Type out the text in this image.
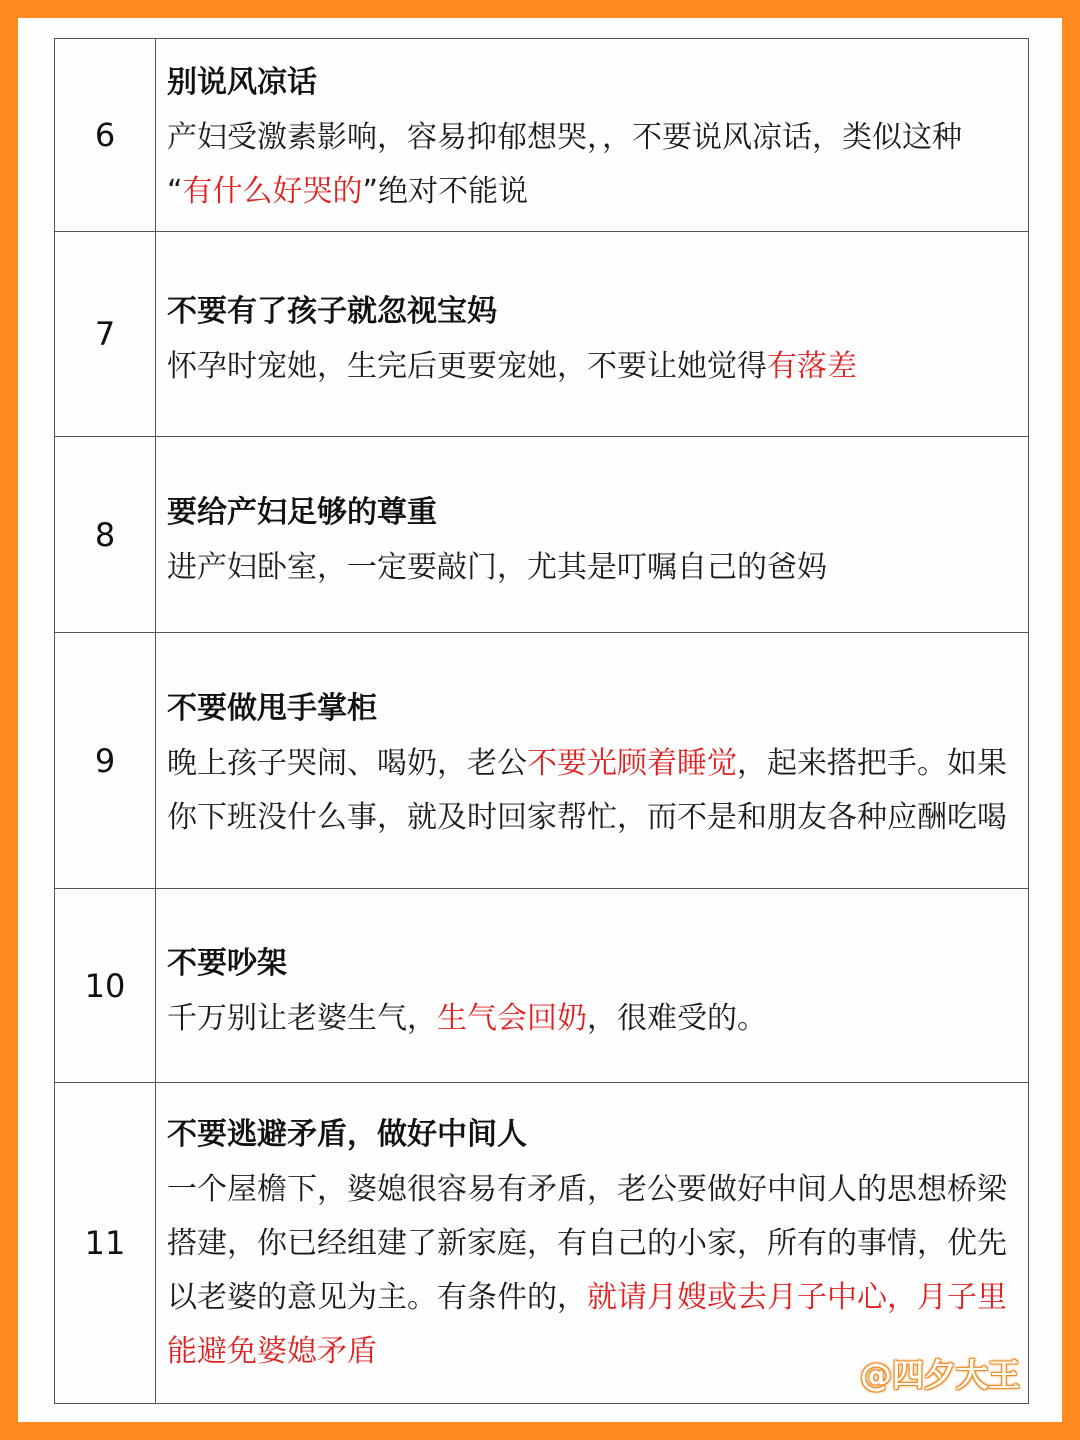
6	别说风凉话
产妇受激素影响，容易抑郁想哭，，不要说风凉话，类似这种“有什么好哭的”绝对不能说

7	不要有了孩子就忽视宝妈
怀孕时宠她，生完后更要宠她，不要让她觉得有落差

8	要给产妇足够的尊重
进产妇卧室，一定要敲门，尤其是叮嘱自己的爸妈

9	不要做甩手掌柜
晚上孩子哭闹、喝奶，老公不要光顾着睡觉，起来搭把手。如果你下班没什么事，就及时回家帮忙，而不是和朋友各种应酬吃喝

10	不要吵架
千万别让老婆生气，生气会回奶，很难受的。

11	不要逃避矛盾，做好中间人
一个屋檐下，婆媳很容易有矛盾，老公要做好中间人的思想桥梁搭建，你已经组建了新家庭，有自己的小家，所有的事情，优先以老婆的意见为主。有条件的，就请月嫂或去月子中心，月子里能避免婆媳矛盾
@四夕大王
